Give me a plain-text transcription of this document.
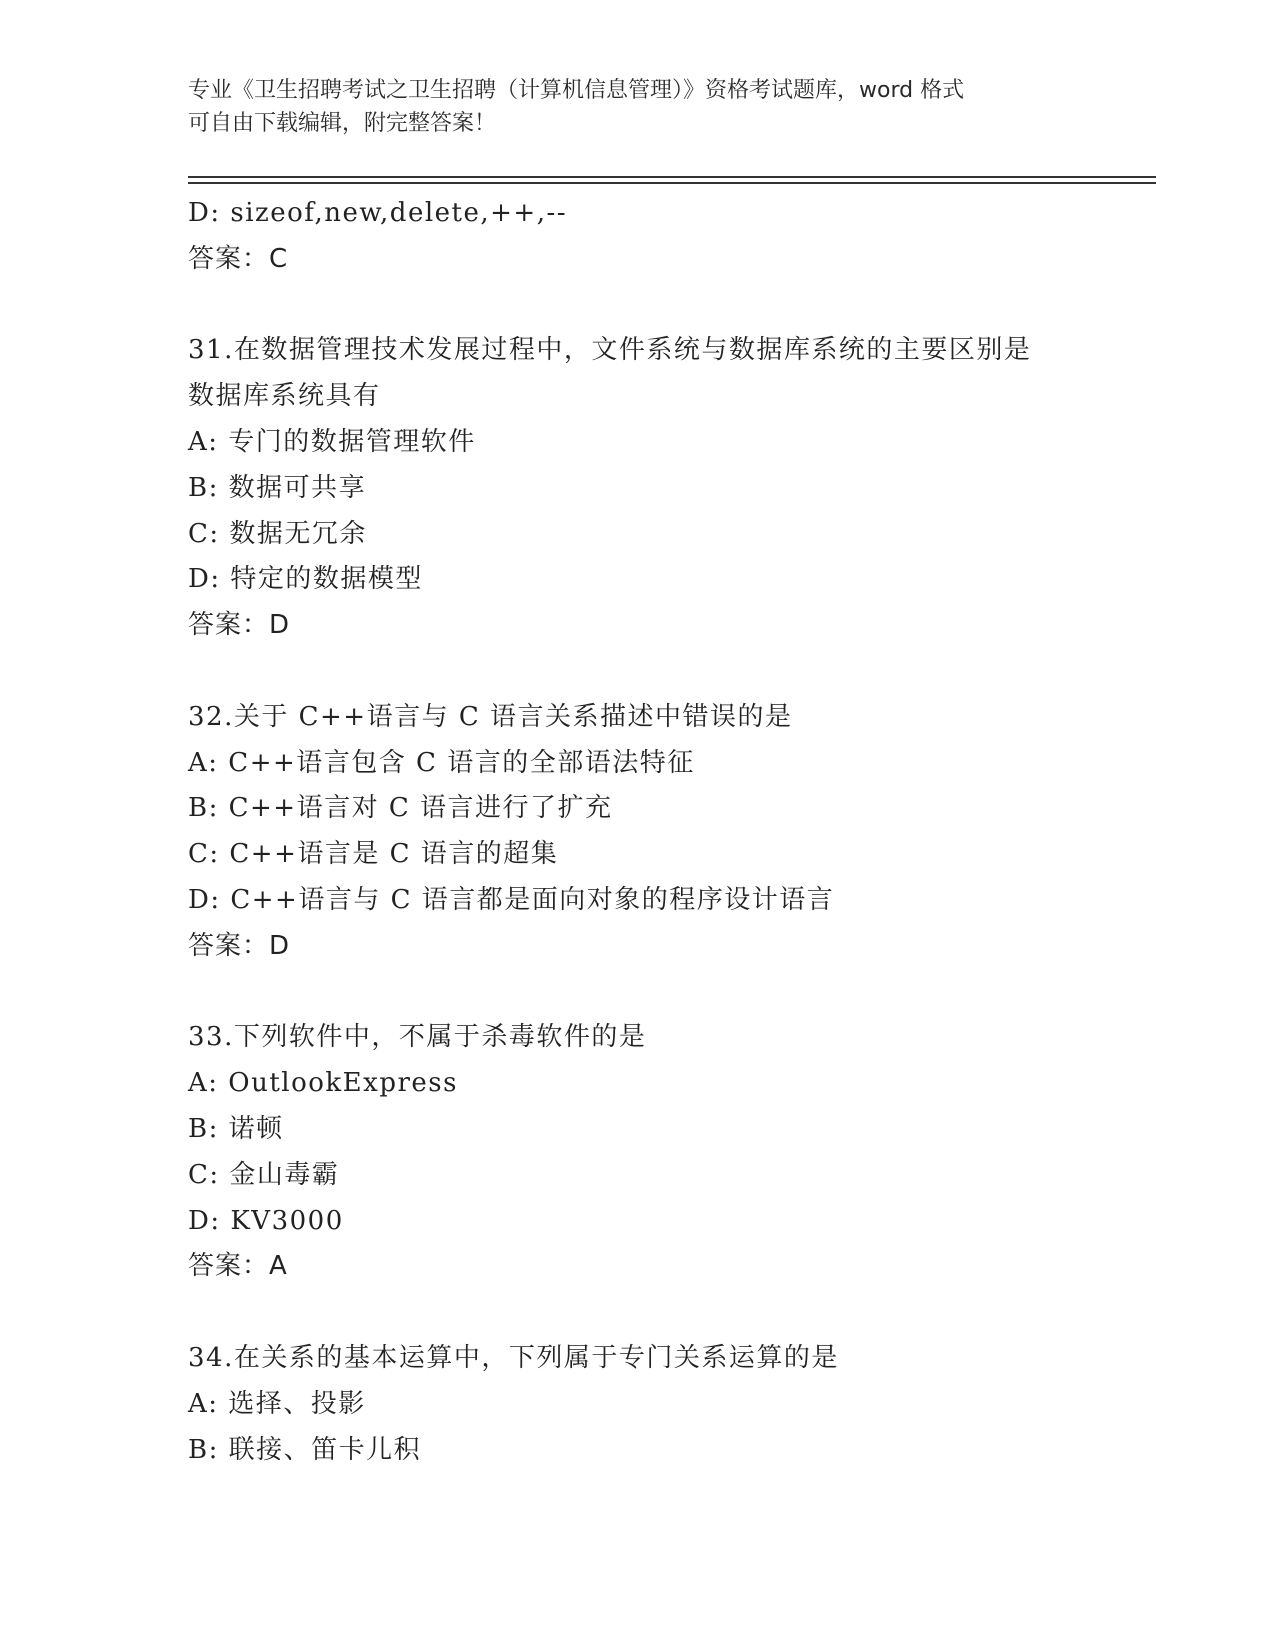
专业《卫生招聘考试之卫生招聘（计算机信息管理）》资格考试题库，word 格式
可自由下载编辑，附完整答案！
D: sizeof,new,delete,++,--
答案：C
31.在数据管理技术发展过程中，文件系统与数据库系统的主要区别是
数据库系统具有
A: 专门的数据管理软件
B: 数据可共享
C: 数据无冗余
D: 特定的数据模型
答案：D
32.关于 C++语言与 C 语言关系描述中错误的是
A: C++语言包含 C 语言的全部语法特征
B: C++语言对 C 语言进行了扩充
C: C++语言是 C 语言的超集
D: C++语言与 C 语言都是面向对象的程序设计语言
答案：D
33.下列软件中，不属于杀毒软件的是
A: OutlookExpress
B: 诺顿
C: 金山毒霸
D: KV3000
答案：A
34.在关系的基本运算中，下列属于专门关系运算的是
A: 选择、投影
B: 联接、笛卡儿积
